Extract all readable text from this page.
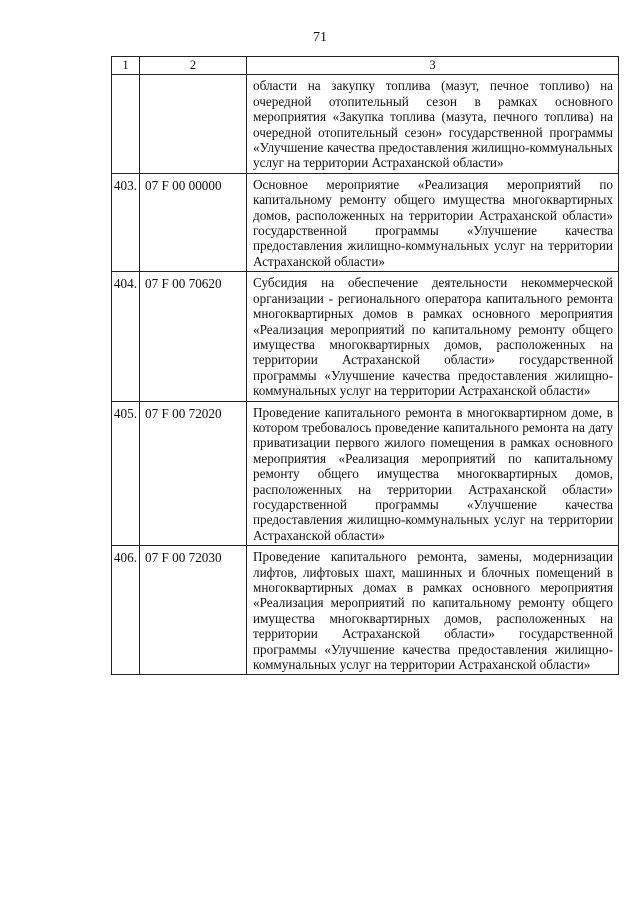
71
1	2	3
		области на закупку топлива (мазут, печное топливо) на очередной отопительный сезон в рамках основного мероприятия «Закупка топлива (мазута, печного топлива) на очередной отопительный сезон» государственной программы «Улучшение качества предоставления жилищно-коммунальных услуг на территории Астраханской области»
403.	07 F 00 00000	Основное мероприятие «Реализация мероприятий по капитальному ремонту общего имущества многоквартирных домов, расположенных на территории Астраханской области» государственной программы «Улучшение качества предоставления жилищно-коммунальных услуг на территории Астраханской области»
404.	07 F 00 70620	Субсидия на обеспечение деятельности некоммерческой организации - регионального оператора капитального ремонта многоквартирных домов в рамках основного мероприятия «Реализация мероприятий по капитальному ремонту общего имущества многоквартирных домов, расположенных на территории Астраханской области» государственной программы «Улучшение качества предоставления жилищно-коммунальных услуг на территории Астраханской области»
405.	07 F 00 72020	Проведение капитального ремонта в многоквартирном доме, в котором требовалось проведение капитального ремонта на дату приватизации первого жилого помещения в рамках основного мероприятия «Реализация мероприятий по капитальному ремонту общего имущества многоквартирных домов, расположенных на территории Астраханской области» государственной программы «Улучшение качества предоставления жилищно-коммунальных услуг на территории Астраханской области»
406.	07 F 00 72030	Проведение капитального ремонта, замены, модернизации лифтов, лифтовых шахт, машинных и блочных помещений в многоквартирных домах в рамках основного мероприятия «Реализация мероприятий по капитальному ремонту общего имущества многоквартирных домов, расположенных на территории Астраханской области» государственной программы «Улучшение качества предоставления жилищно-коммунальных услуг на территории Астраханской области»
